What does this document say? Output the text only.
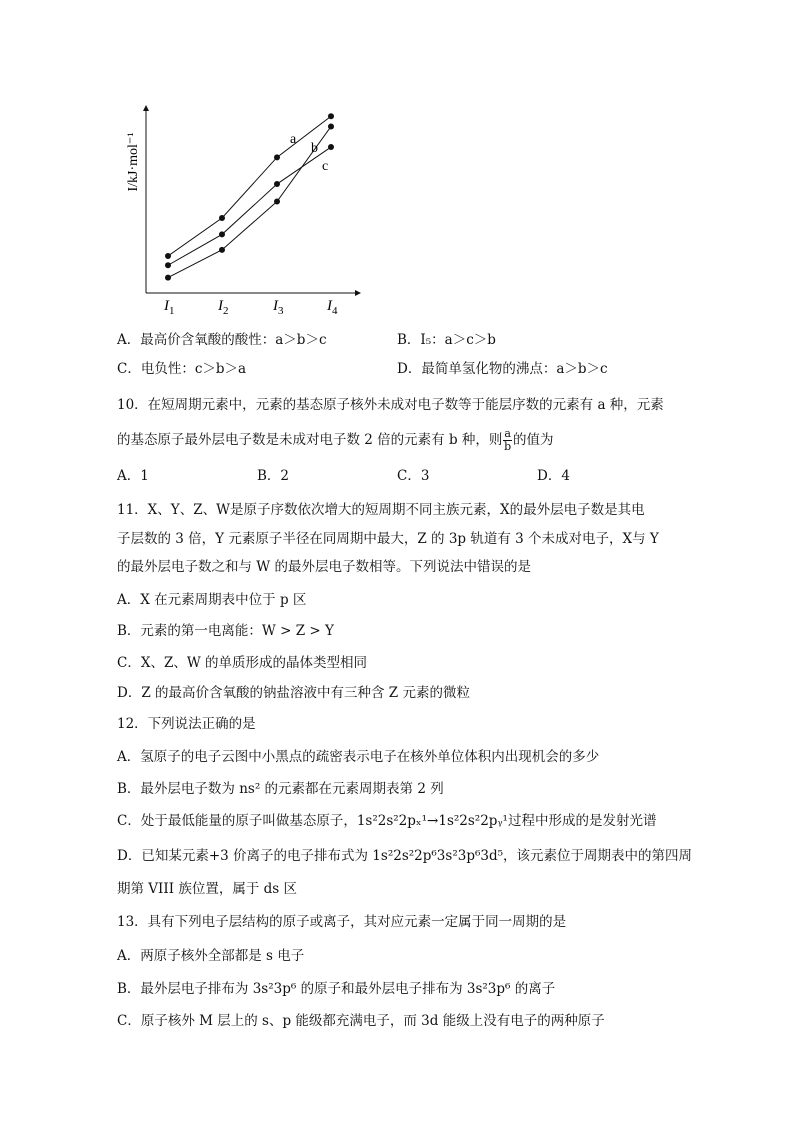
I/kJ·mol⁻¹
$I_1$	$I_2$	$I_3$	$I_4$
a
b
c
A．最高价含氧酸的酸性：a＞b＞c	B．I₅：a＞c＞b
C．电负性：c＞b＞a	D．最简单氢化物的沸点：a＞b＞c
10．在短周期元素中，元素的基态原子核外未成对电子数等于能层序数的元素有 a 种，元素
的基态原子最外层电子数是未成对电子数 2 倍的元素有 b 种，则 $\frac{a}{b}$ 的值为
A．1	B．2	C．3	D．4
11．X、Y、Z、W是原子序数依次增大的短周期不同主族元素，X的最外层电子数是其电
子层数的 3 倍，Y 元素原子半径在同周期中最大，Z 的 3p 轨道有 3 个未成对电子，X与 Y
的最外层电子数之和与 W 的最外层电子数相等。下列说法中错误的是
A．X 在元素周期表中位于 p 区
B．元素的第一电离能：W > Z > Y
C．X、Z、W 的单质形成的晶体类型相同
D．Z 的最高价含氧酸的钠盐溶液中有三种含 Z 元素的微粒
12．下列说法正确的是
A．氢原子的电子云图中小黑点的疏密表示电子在核外单位体积内出现机会的多少
B．最外层电子数为 ns² 的元素都在元素周期表第 2 列
C．处于最低能量的原子叫做基态原子，1s²2s²2pₓ¹→1s²2s²2pᵧ¹过程中形成的是发射光谱
D．已知某元素+3 价离子的电子排布式为 1s²2s²2p⁶3s²3p⁶3d⁵，该元素位于周期表中的第四周
期第 VIII 族位置，属于 ds 区
13．具有下列电子层结构的原子或离子，其对应元素一定属于同一周期的是
A．两原子核外全部都是 s 电子
B．最外层电子排布为 3s²3p⁶ 的原子和最外层电子排布为 3s²3p⁶ 的离子
C．原子核外 M 层上的 s、p 能级都充满电子，而 3d 能级上没有电子的两种原子
